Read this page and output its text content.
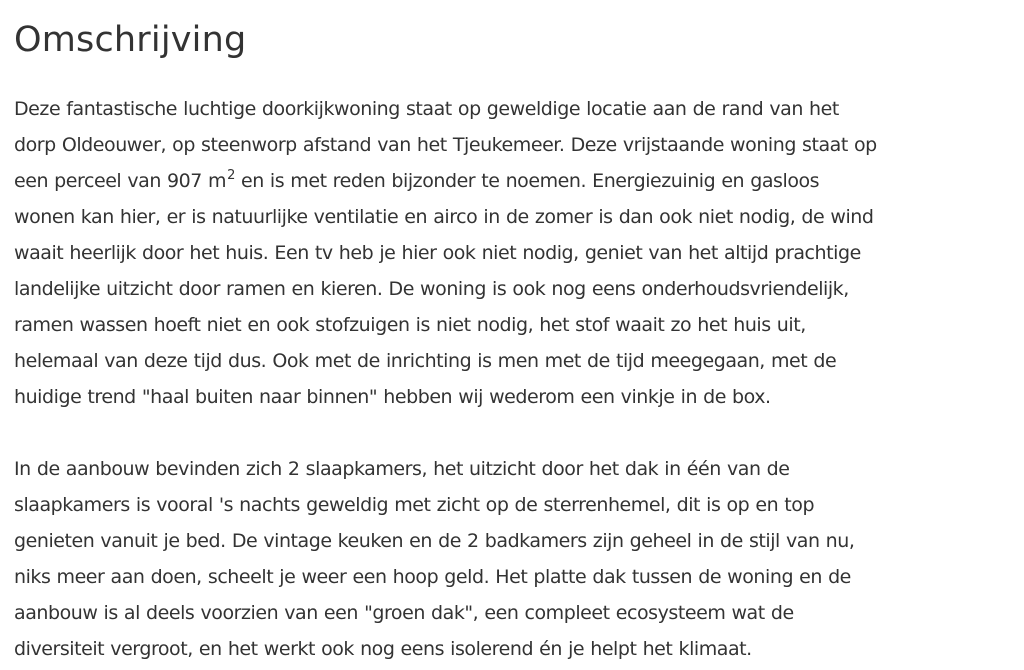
Omschrijving

Deze fantastische luchtige doorkijkwoning staat op geweldige locatie aan de rand van het
dorp Oldeouwer, op steenworp afstand van het Tjeukemeer. Deze vrijstaande woning staat op
een perceel van 907 $m^2$ en is met reden bijzonder te noemen. Energiezuinig en gasloos
wonen kan hier, er is natuurlijke ventilatie en airco in de zomer is dan ook niet nodig, de wind
waait heerlijk door het huis. Een tv heb je hier ook niet nodig, geniet van het altijd prachtige
landelijke uitzicht door ramen en kieren. De woning is ook nog eens onderhoudsvriendelijk,
ramen wassen hoeft niet en ook stofzuigen is niet nodig, het stof waait zo het huis uit,
helemaal van deze tijd dus. Ook met de inrichting is men met de tijd meegegaan, met de
huidige trend "haal buiten naar binnen" hebben wij wederom een vinkje in de box.

In de aanbouw bevinden zich 2 slaapkamers, het uitzicht door het dak in één van de
slaapkamers is vooral 's nachts geweldig met zicht op de sterrenhemel, dit is op en top
genieten vanuit je bed. De vintage keuken en de 2 badkamers zijn geheel in de stijl van nu,
niks meer aan doen, scheelt je weer een hoop geld. Het platte dak tussen de woning en de
aanbouw is al deels voorzien van een "groen dak", een compleet ecosysteem wat de
diversiteit vergroot, en het werkt ook nog eens isolerend én je helpt het klimaat.
